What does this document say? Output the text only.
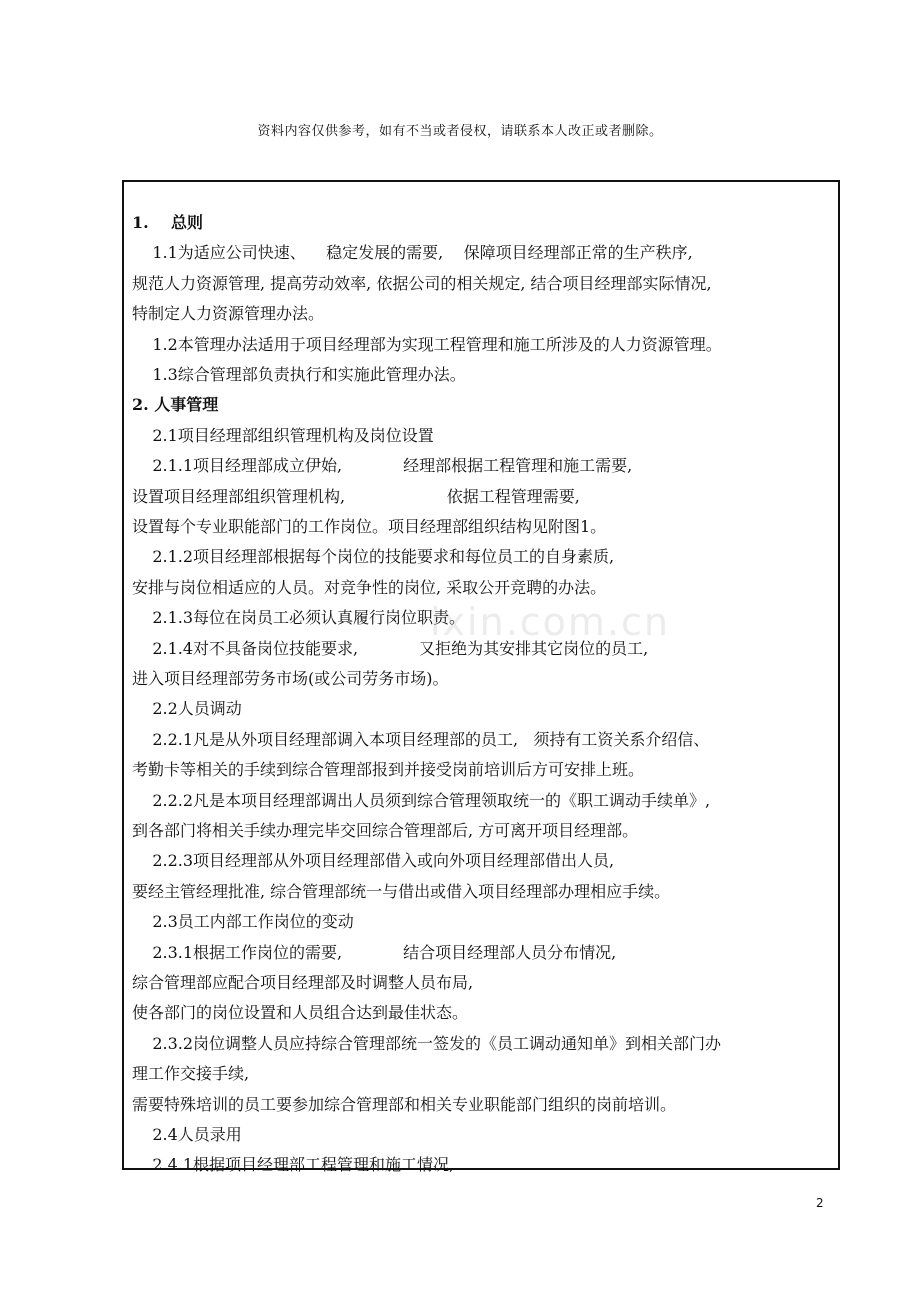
资料内容仅供参考，如有不当或者侵权，请联系本人改正或者删除。
ixin.com.cn
1.    总则
1.1为适应公司快速、    稳定发展的需要,    保障项目经理部正常的生产秩序,
规范人力资源管理, 提高劳动效率, 依据公司的相关规定, 结合项目经理部实际情况,
特制定人力资源管理办法。
1.2本管理办法适用于项目经理部为实现工程管理和施工所涉及的人力资源管理。
1.3综合管理部负责执行和实施此管理办法。
2. 人事管理
2.1项目经理部组织管理机构及岗位设置
2.1.1项目经理部成立伊始,            经理部根据工程管理和施工需要,
设置项目经理部组织管理机构,                    依据工程管理需要,
设置每个专业职能部门的工作岗位。项目经理部组织结构见附图1。
2.1.2项目经理部根据每个岗位的技能要求和每位员工的自身素质,
安排与岗位相适应的人员。对竞争性的岗位, 采取公开竞聘的办法。
2.1.3每位在岗员工必须认真履行岗位职责。
2.1.4对不具备岗位技能要求,            又拒绝为其安排其它岗位的员工,
进入项目经理部劳务市场(或公司劳务市场)。
2.2人员调动
2.2.1凡是从外项目经理部调入本项目经理部的员工,   须持有工资关系介绍信、
考勤卡等相关的手续到综合管理部报到并接受岗前培训后方可安排上班。
2.2.2凡是本项目经理部调出人员须到综合管理领取统一的《职工调动手续单》,
到各部门将相关手续办理完毕交回综合管理部后, 方可离开项目经理部。
2.2.3项目经理部从外项目经理部借入或向外项目经理部借出人员,
要经主管经理批准, 综合管理部统一与借出或借入项目经理部办理相应手续。
2.3员工内部工作岗位的变动
2.3.1根据工作岗位的需要,            结合项目经理部人员分布情况,
综合管理部应配合项目经理部及时调整人员布局,
使各部门的岗位设置和人员组合达到最佳状态。
2.3.2岗位调整人员应持综合管理部统一签发的《员工调动通知单》到相关部门办
理工作交接手续,
需要特殊培训的员工要参加综合管理部和相关专业职能部门组织的岗前培训。
2.4人员录用
2.4.1根据项目经理部工程管理和施工情况,
2
